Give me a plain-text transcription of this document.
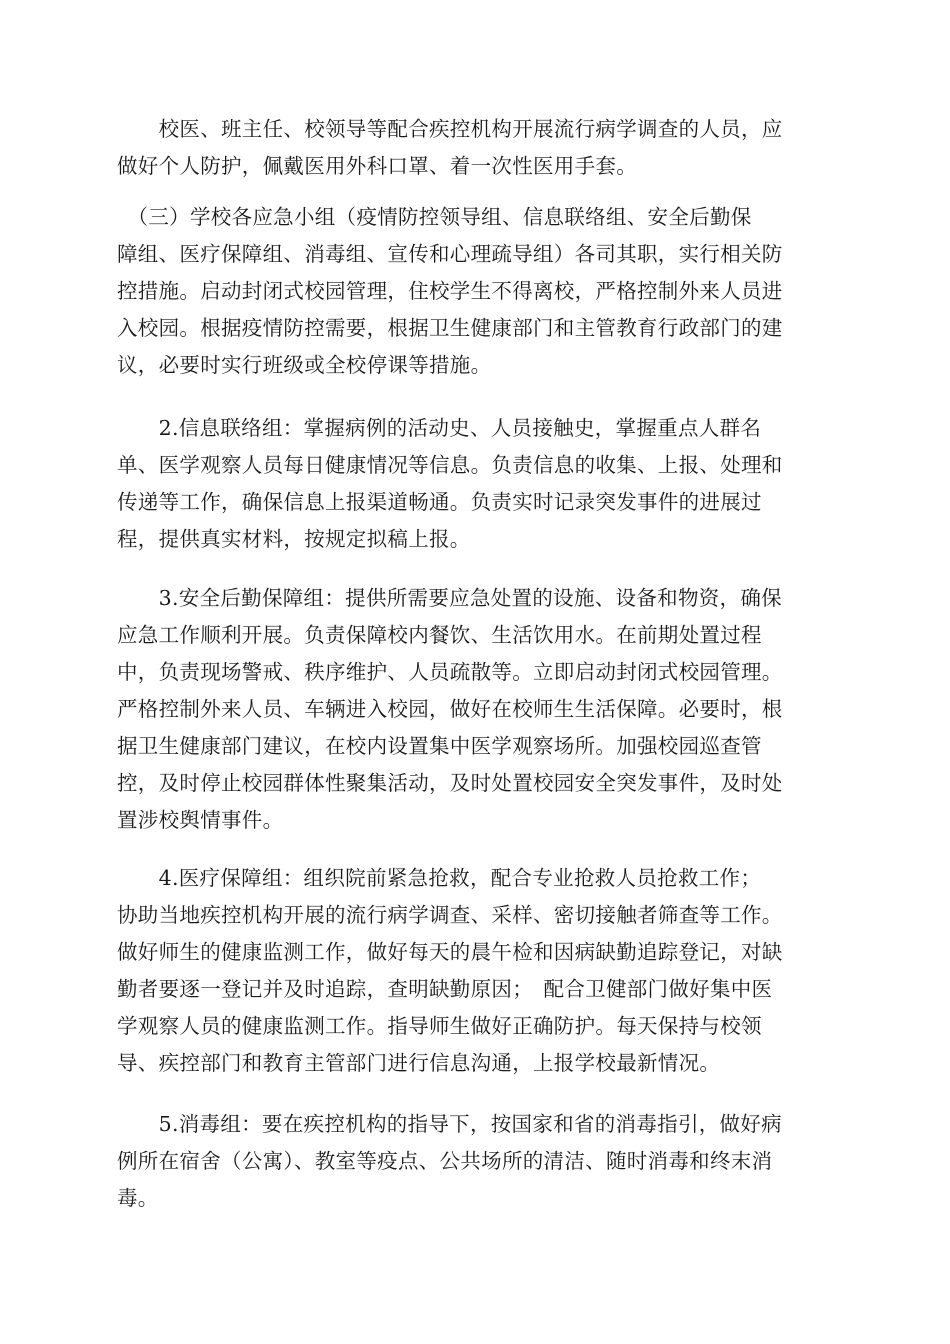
　　校医、班主任、校领导等配合疾控机构开展流行病学调查的人员，应
做好个人防护，佩戴医用外科口罩、着一次性医用手套。
　（三）学校各应急小组（疫情防控领导组、信息联络组、安全后勤保
障组、医疗保障组、消毒组、宣传和心理疏导组）各司其职，实行相关防
控措施。启动封闭式校园管理，住校学生不得离校，严格控制外来人员进
入校园。根据疫情防控需要，根据卫生健康部门和主管教育行政部门的建
议，必要时实行班级或全校停课等措施。
　　2.信息联络组：掌握病例的活动史、人员接触史，掌握重点人群名
单、医学观察人员每日健康情况等信息。负责信息的收集、上报、处理和
传递等工作，确保信息上报渠道畅通。负责实时记录突发事件的进展过
程，提供真实材料，按规定拟稿上报。
　　3.安全后勤保障组：提供所需要应急处置的设施、设备和物资，确保
应急工作顺利开展。负责保障校内餐饮、生活饮用水。在前期处置过程
中，负责现场警戒、秩序维护、人员疏散等。立即启动封闭式校园管理。
严格控制外来人员、车辆进入校园，做好在校师生生活保障。必要时，根
据卫生健康部门建议，在校内设置集中医学观察场所。加强校园巡查管
控，及时停止校园群体性聚集活动，及时处置校园安全突发事件，及时处
置涉校舆情事件。
　　4.医疗保障组：组织院前紧急抢救，配合专业抢救人员抢救工作；
协助当地疾控机构开展的流行病学调查、采样、密切接触者筛查等工作。
做好师生的健康监测工作，做好每天的晨午检和因病缺勤追踪登记，对缺
勤者要逐一登记并及时追踪，查明缺勤原因；　配合卫健部门做好集中医
学观察人员的健康监测工作。指导师生做好正确防护。每天保持与校领
导、疾控部门和教育主管部门进行信息沟通，上报学校最新情况。
　　5.消毒组：要在疾控机构的指导下，按国家和省的消毒指引，做好病
例所在宿舍（公寓）、教室等疫点、公共场所的清洁、随时消毒和终末消
毒。
